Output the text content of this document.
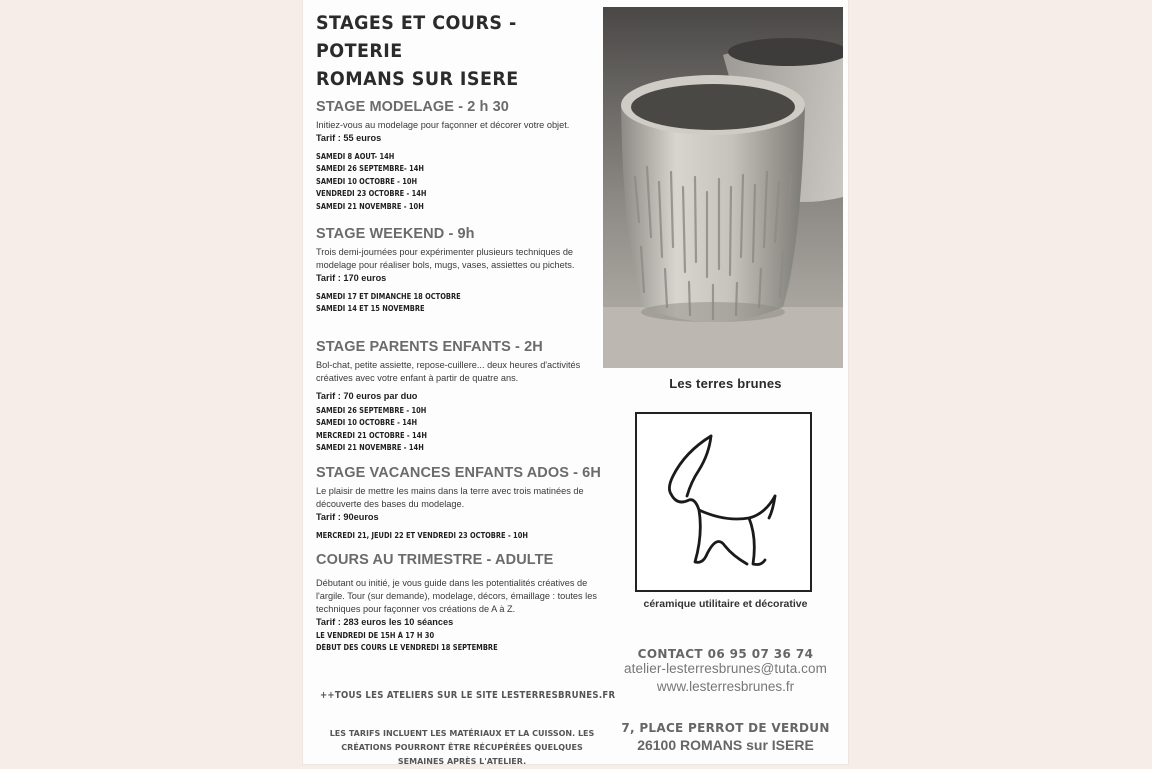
STAGES ET COURS - POTERIE
ROMANS SUR ISERE
STAGE MODELAGE - 2 h 30

Initiez-vous au modelage pour façonner et décorer votre objet.

Tarif : 55 euros

SAMEDI 8 AOUT- 14H
SAMEDI 26 SEPTEMBRE- 14H
SAMEDI 10 OCTOBRE - 10H
VENDREDI 23 OCTOBRE - 14H
SAMEDI 21 NOVEMBRE - 10H
STAGE WEEKEND - 9h

Trois demi-journées pour expérimenter plusieurs techniques de modelage pour réaliser bols, mugs, vases, assiettes ou pichets.

Tarif : 170 euros

SAMEDI 17 ET DIMANCHE 18 OCTOBRE
SAMEDI 14 ET 15 NOVEMBRE
STAGE PARENTS ENFANTS - 2H

Bol-chat, petite assiette, repose-cuillere... deux heures d'activités créatives avec votre enfant à partir de quatre ans.

Tarif : 70 euros par duo

SAMEDI 26 SEPTEMBRE - 10H
SAMEDI 10 OCTOBRE - 14H
MERCREDI 21 OCTOBRE - 14H
SAMEDI 21 NOVEMBRE - 14H
STAGE VACANCES ENFANTS ADOS - 6H

Le plaisir de mettre les mains dans la terre avec trois matinées de découverte des bases du modelage.

Tarif : 90euros

MERCREDI 21, JEUDI 22 ET VENDREDI 23 OCTOBRE - 10H
COURS AU TRIMESTRE - ADULTE

Débutant ou initié, je vous guide dans les potentialités créatives de l'argile. Tour (sur demande), modelage, décors, émaillage : toutes les techniques pour façonner vos créations de A à Z.

Tarif : 283 euros les 10 séances

LE VENDREDI DE 15H À 17 H 30
DÉBUT DES COURS LE VENDREDI 18 SEPTEMBRE
++TOUS LES ATELIERS SUR LE SITE LESTERRESBRUNES.FR
LES TARIFS INCLUENT LES MATÉRIAUX ET LA CUISSON. LES CRÉATIONS POURRONT ÊTRE RÉCUPÉRÉES QUELQUES SEMAINES APRÈS L'ATELIER.
Les terres brunes
céramique utilitaire et décorative
CONTACT 06 95 07 36 74
atelier-lesterresbrunes@tuta.com
www.lesterresbrunes.fr
7, PLACE PERROT DE VERDUN
26100 ROMANS sur ISERE
